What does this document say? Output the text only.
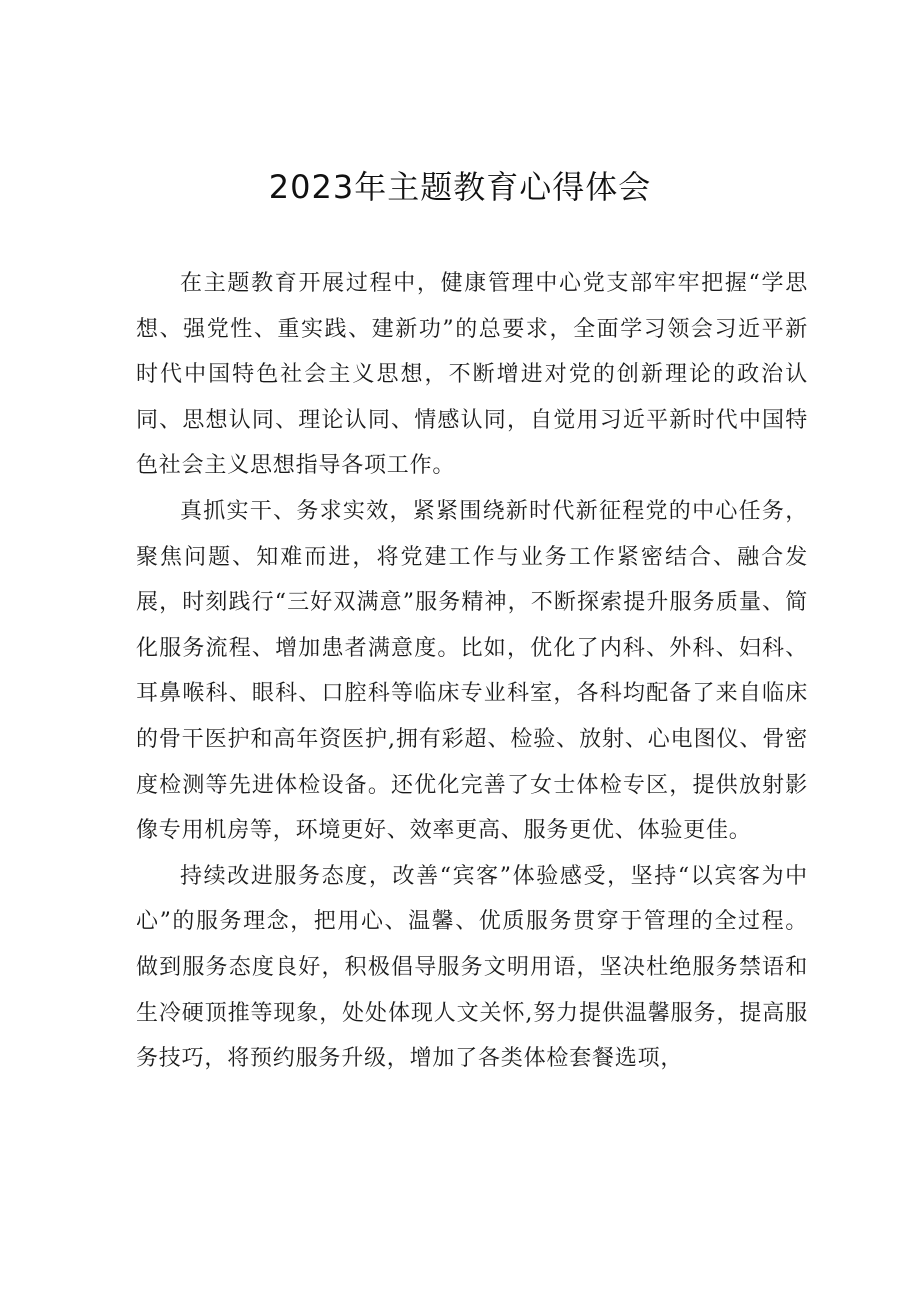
2023年主题教育心得体会

在主题教育开展过程中，健康管理中心党支部牢牢把握“学思想、强党性、重实践、建新功”的总要求，全面学习领会习近平新时代中国特色社会主义思想，不断增进对党的创新理论的政治认同、思想认同、理论认同、情感认同，自觉用习近平新时代中国特色社会主义思想指导各项工作。

真抓实干、务求实效，紧紧围绕新时代新征程党的中心任务，聚焦问题、知难而进，将党建工作与业务工作紧密结合、融合发展，时刻践行“三好双满意”服务精神，不断探索提升服务质量、简化服务流程、增加患者满意度。比如，优化了内科、外科、妇科、耳鼻喉科、眼科、口腔科等临床专业科室，各科均配备了来自临床的骨干医护和高年资医护,拥有彩超、检验、放射、心电图仪、骨密度检测等先进体检设备。还优化完善了女士体检专区，提供放射影像专用机房等，环境更好、效率更高、服务更优、体验更佳。

持续改进服务态度，改善“宾客”体验感受，坚持“以宾客为中心”的服务理念，把用心、温馨、优质服务贯穿于管理的全过程。做到服务态度良好，积极倡导服务文明用语，坚决杜绝服务禁语和生冷硬顶推等现象，处处体现人文关怀,努力提供温馨服务，提高服务技巧，将预约服务升级，增加了各类体检套餐选项，
